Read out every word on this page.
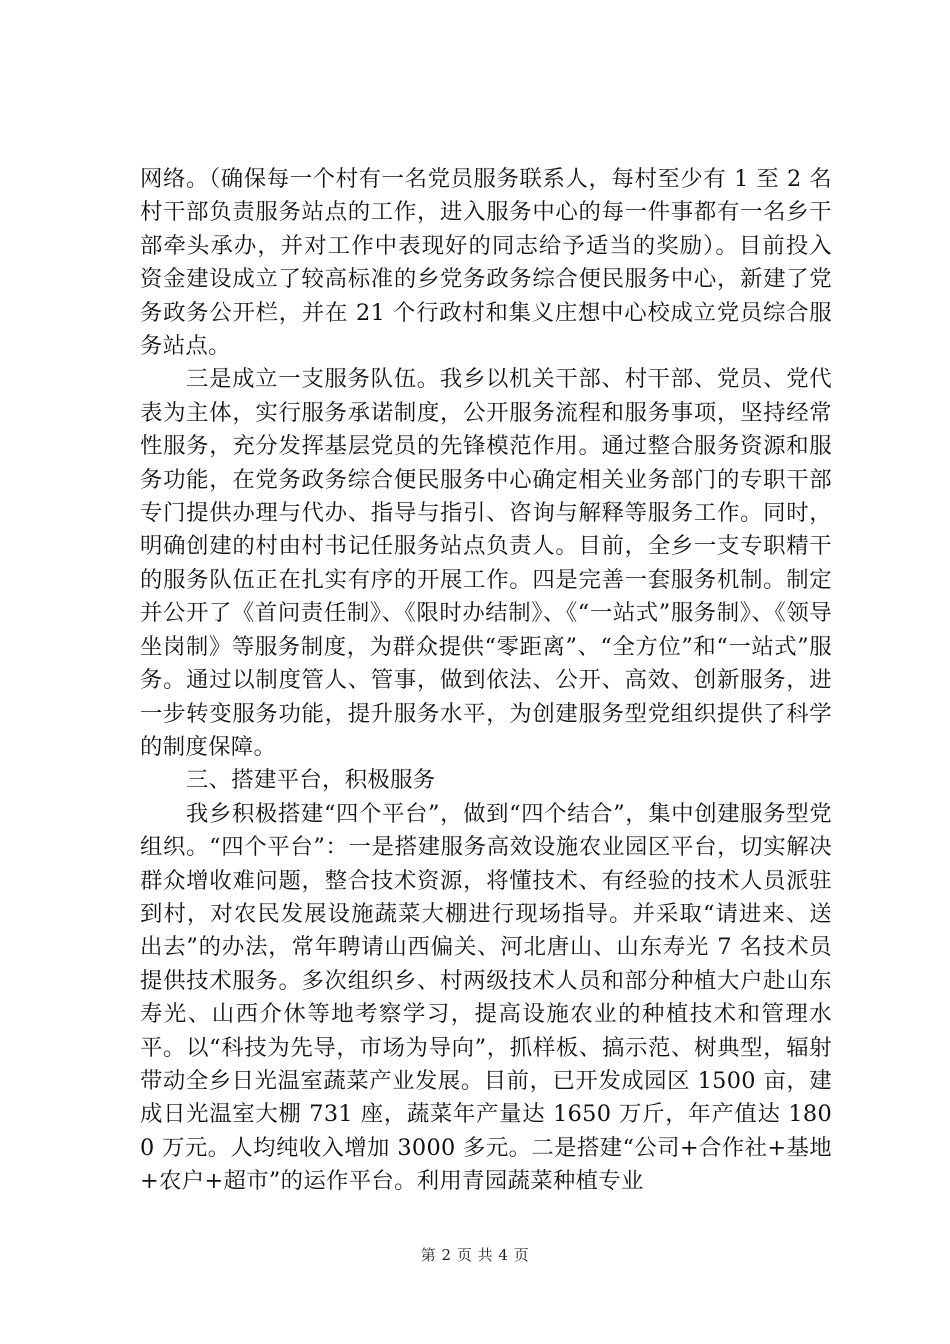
网络。（确保每一个村有一名党员服务联系人，每村至少有 1 至 2 名村干部负责服务站点的工作，进入服务中心的每一件事都有一名乡干部牵头承办，并对工作中表现好的同志给予适当的奖励）。目前投入资金建设成立了较高标准的乡党务政务综合便民服务中心，新建了党务政务公开栏，并在 21 个行政村和集义庄想中心校成立党员综合服务站点。

三是成立一支服务队伍。我乡以机关干部、村干部、党员、党代表为主体，实行服务承诺制度，公开服务流程和服务事项，坚持经常性服务，充分发挥基层党员的先锋模范作用。通过整合服务资源和服务功能，在党务政务综合便民服务中心确定相关业务部门的专职干部专门提供办理与代办、指导与指引、咨询与解释等服务工作。同时，明确创建的村由村书记任服务站点负责人。目前，全乡一支专职精干的服务队伍正在扎实有序的开展工作。四是完善一套服务机制。制定并公开了《首问责任制》、《限时办结制》、《“一站式”服务制》、《领导坐岗制》等服务制度，为群众提供“零距离”、“全方位”和“一站式”服务。通过以制度管人、管事，做到依法、公开、高效、创新服务，进一步转变服务功能，提升服务水平，为创建服务型党组织提供了科学的制度保障。

三、搭建平台，积极服务

我乡积极搭建“四个平台”，做到“四个结合”，集中创建服务型党组织。“四个平台”：一是搭建服务高效设施农业园区平台，切实解决群众增收难问题，整合技术资源，将懂技术、有经验的技术人员派驻到村，对农民发展设施蔬菜大棚进行现场指导。并采取“请进来、送出去”的办法，常年聘请山西偏关、河北唐山、山东寿光 7 名技术员提供技术服务。多次组织乡、村两级技术人员和部分种植大户赴山东寿光、山西介休等地考察学习，提高设施农业的种植技术和管理水平。以“科技为先导，市场为导向”，抓样板、搞示范、树典型，辐射带动全乡日光温室蔬菜产业发展。目前，已开发成园区 1500 亩，建成日光温室大棚 731 座，蔬菜年产量达 1650 万斤，年产值达 1800 万元。人均纯收入增加 3000 多元。二是搭建“公司+合作社+基地+农户+超市”的运作平台。利用青园蔬菜种植专业

第 2 页 共 4 页
